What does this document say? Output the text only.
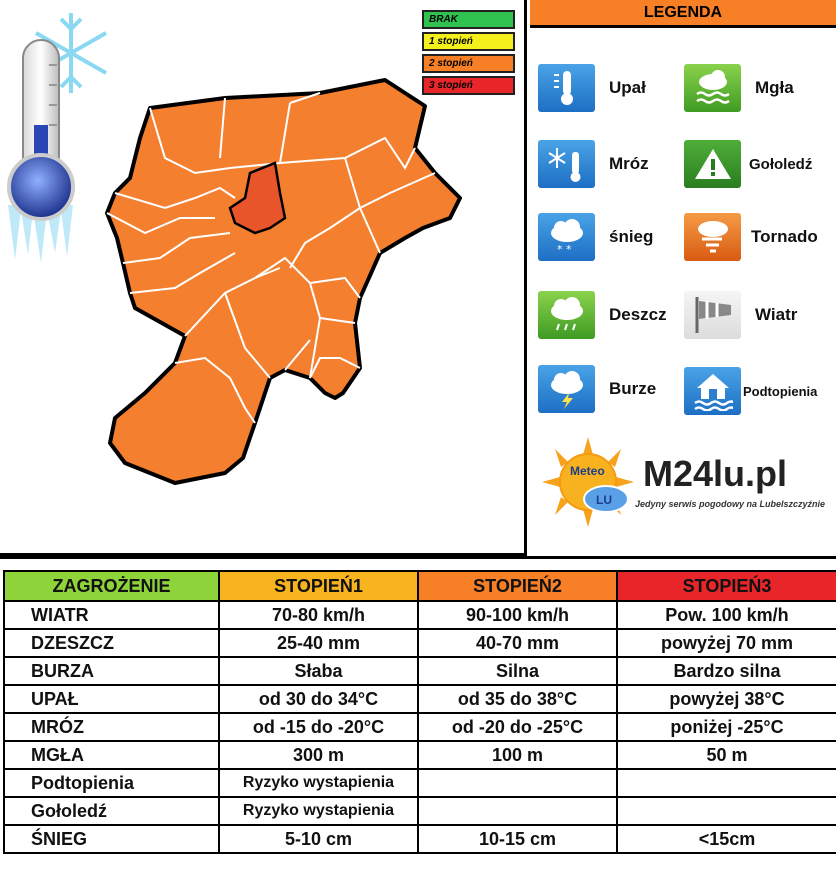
BRAK
1 stopień
2 stopień
3 stopień
LEGENDA
Upał
Mróz
* *
śnieg
Deszcz
Burze
Mgła
Gołoledź
Tornado
Wiatr
Podtopienia
Meteo
LU
M24lu.pl
Jedyny serwis pogodowy na Lubelszczyźnie
ZAGROŻENIE	STOPIEŃ1	STOPIEŃ2	STOPIEŃ3
WIATR	70-80 km/h	90-100 km/h	Pow. 100 km/h
DZESZCZ	25-40 mm	40-70 mm	powyżej 70 mm
BURZA	Słaba	Silna	Bardzo silna
UPAŁ	od 30 do 34°C	od 35 do 38°C	powyżej 38°C
MRÓZ	od -15 do -20°C	od -20 do -25°C	poniżej -25°C
MGŁA	300 m	100 m	50 m
Podtopienia	Ryzyko wystapienia		
Gołoledź	Ryzyko wystapienia		
ŚNIEG	5-10 cm	10-15 cm	<15cm
